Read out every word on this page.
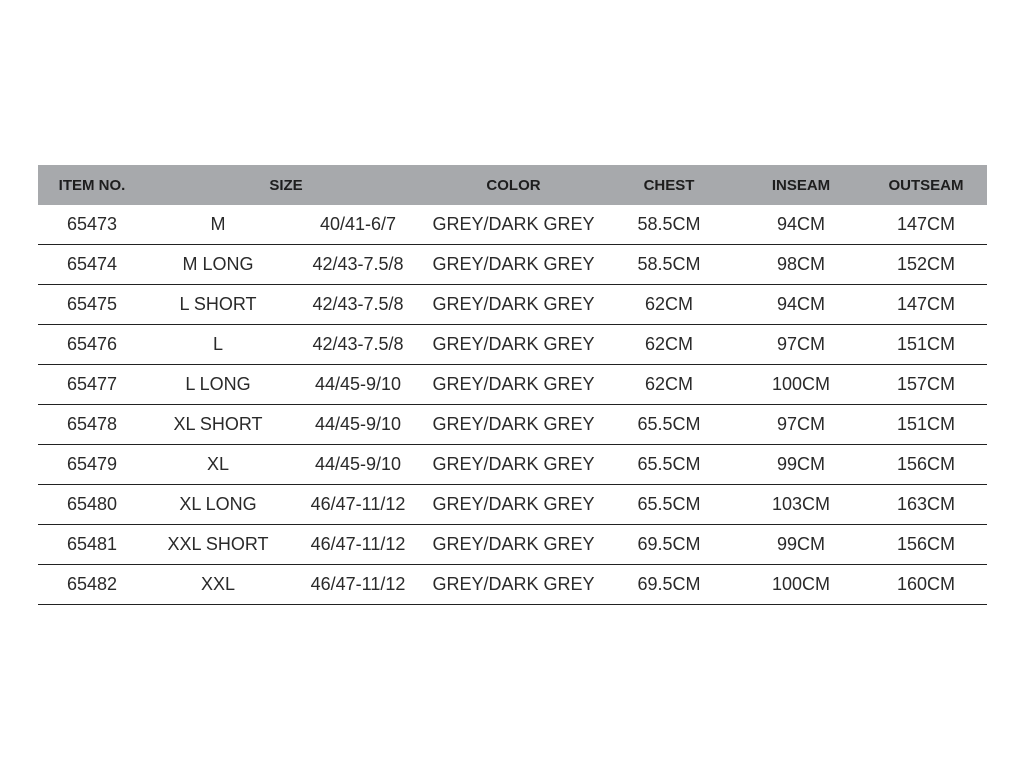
ITEM NO.	SIZE	COLOR	CHEST	INSEAM	OUTSEAM
65473	M	40/41-6/7	GREY/DARK GREY	58.5CM	94CM	147CM
65474	M LONG	42/43-7.5/8	GREY/DARK GREY	58.5CM	98CM	152CM
65475	L SHORT	42/43-7.5/8	GREY/DARK GREY	62CM	94CM	147CM
65476	L	42/43-7.5/8	GREY/DARK GREY	62CM	97CM	151CM
65477	L LONG	44/45-9/10	GREY/DARK GREY	62CM	100CM	157CM
65478	XL SHORT	44/45-9/10	GREY/DARK GREY	65.5CM	97CM	151CM
65479	XL	44/45-9/10	GREY/DARK GREY	65.5CM	99CM	156CM
65480	XL LONG	46/47-11/12	GREY/DARK GREY	65.5CM	103CM	163CM
65481	XXL SHORT	46/47-11/12	GREY/DARK GREY	69.5CM	99CM	156CM
65482	XXL	46/47-11/12	GREY/DARK GREY	69.5CM	100CM	160CM
